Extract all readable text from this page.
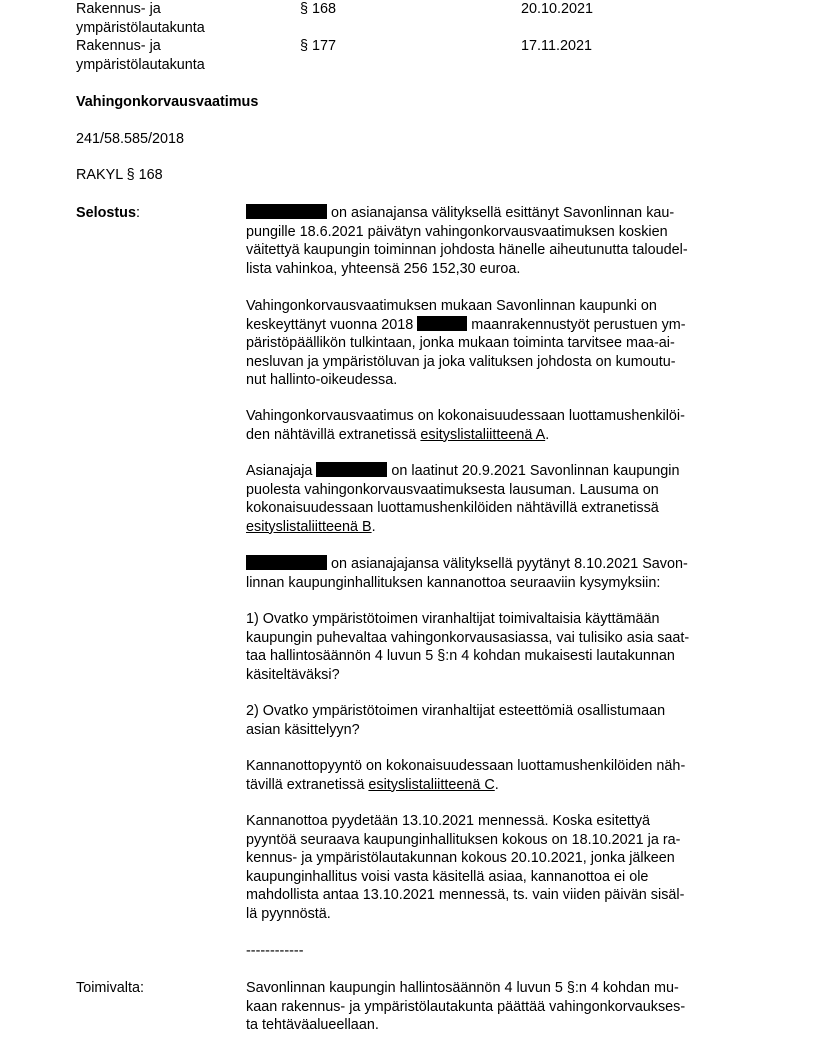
Rakennus- ja
ympäristölautakunta
§ 168	20.10.2021
Rakennus- ja
ympäristölautakunta
§ 177	17.11.2021
Vahingonkorvausvaatimus
241/58.585/2018
RAKYL § 168
Selostus:	on asianajansa välityksellä esittänyt Savonlinnan kau-
pungille 18.6.2021 päivätyn vahingonkorvausvaatimuksen koskien
väitettyä kaupungin toiminnan johdosta hänelle aiheutunutta taloudel-
lista vahinkoa, yhteensä 256 152,30 euroa.
Vahingonkorvausvaatimuksen mukaan Savonlinnan kaupunki on
keskeyttänyt vuonna 2018	maanrakennustyöt perustuen ym-
päristöpäällikön tulkintaan, jonka mukaan toiminta tarvitsee maa-ai-
nesluvan ja ympäristöluvan ja joka valituksen johdosta on kumoutu-
nut hallinto-oikeudessa.
Vahingonkorvausvaatimus on kokonaisuudessaan luottamushenkilöi-
den nähtävillä extranetissä esityslistaliitteenä A.
Asianajaja	on laatinut 20.9.2021 Savonlinnan kaupungin
puolesta vahingonkorvausvaatimuksesta lausuman. Lausuma on
kokonaisuudessaan luottamushenkilöiden nähtävillä extranetissä
esityslistaliitteenä B.
on asianajajansa välityksellä pyytänyt 8.10.2021 Savon-
linnan kaupunginhallituksen kannanottoa seuraaviin kysymyksiin:
1) Ovatko ympäristötoimen viranhaltijat toimivaltaisia käyttämään
kaupungin puhevaltaa vahingonkorvausasiassa, vai tulisiko asia saat-
taa hallintosäännön 4 luvun 5 §:n 4 kohdan mukaisesti lautakunnan
käsiteltäväksi?
2) Ovatko ympäristötoimen viranhaltijat esteettömiä osallistumaan
asian käsittelyyn?
Kannanottopyyntö on kokonaisuudessaan luottamushenkilöiden näh-
tävillä extranetissä esityslistaliitteenä C.
Kannanottoa pyydetään 13.10.2021 mennessä. Koska esitettyä
pyyntöä seuraava kaupunginhallituksen kokous on 18.10.2021 ja ra-
kennus- ja ympäristölautakunnan kokous 20.10.2021, jonka jälkeen
kaupunginhallitus voisi vasta käsitellä asiaa, kannanottoa ei ole
mahdollista antaa 13.10.2021 mennessä, ts. vain viiden päivän sisäl-
lä pyynnöstä.
------------
Toimivalta:	Savonlinnan kaupungin hallintosäännön 4 luvun 5 §:n 4 kohdan mu-
kaan rakennus- ja ympäristölautakunta päättää vahingonkorvaukses-
ta tehtäväalueellaan.
